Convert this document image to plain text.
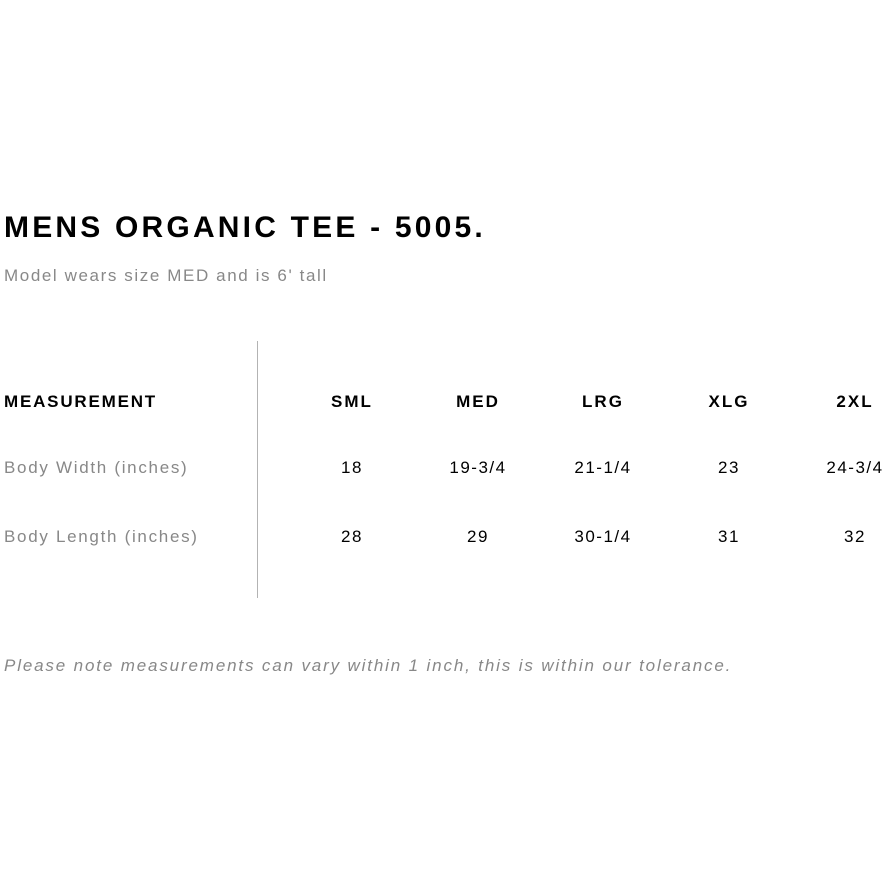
MENS ORGANIC TEE - 5005.
Model wears size MED and is 6' tall
MEASUREMENT	SML	MED	LRG	XLG	2XL
Body Width (inches)	18	19-3/4	21-1/4	23	24-3/4
Body Length (inches)	28	29	30-1/4	31	32
Please note measurements can vary within 1 inch, this is within our tolerance.
